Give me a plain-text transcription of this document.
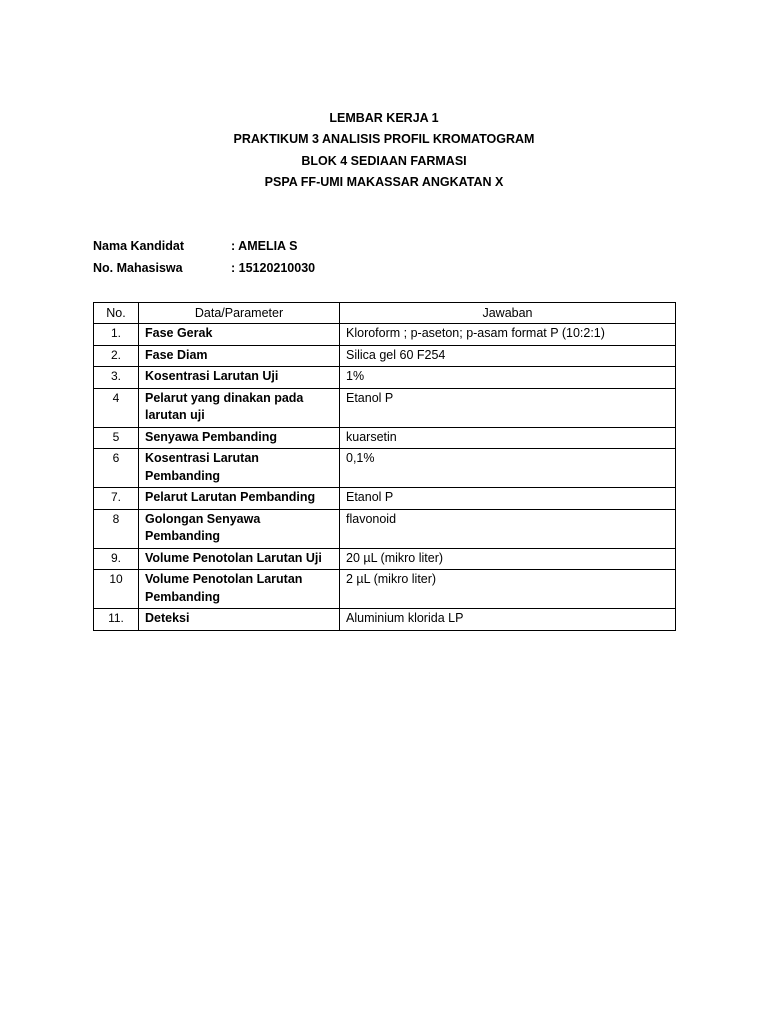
LEMBAR KERJA 1
PRAKTIKUM 3 ANALISIS PROFIL KROMATOGRAM
BLOK 4 SEDIAAN FARMASI
PSPA FF-UMI MAKASSAR ANGKATAN X
Nama Kandidat	: AMELIA S
No. Mahasiswa	: 15120210030
No.	Data/Parameter	Jawaban
1.	Fase Gerak	Kloroform ; p-aseton; p-asam format P (10:2:1)
2.	Fase Diam	Silica gel 60 F254
3.	Kosentrasi Larutan Uji	1%
4	Pelarut yang dinakan pada larutan uji	Etanol P
5	Senyawa Pembanding	kuarsetin
6	Kosentrasi Larutan Pembanding	0,1%
7.	Pelarut Larutan Pembanding	Etanol P
8	Golongan Senyawa Pembanding	flavonoid
9.	Volume Penotolan Larutan Uji	20 µL (mikro liter)
10	Volume Penotolan Larutan Pembanding	2 µL (mikro liter)
11.	Deteksi	Aluminium klorida LP
